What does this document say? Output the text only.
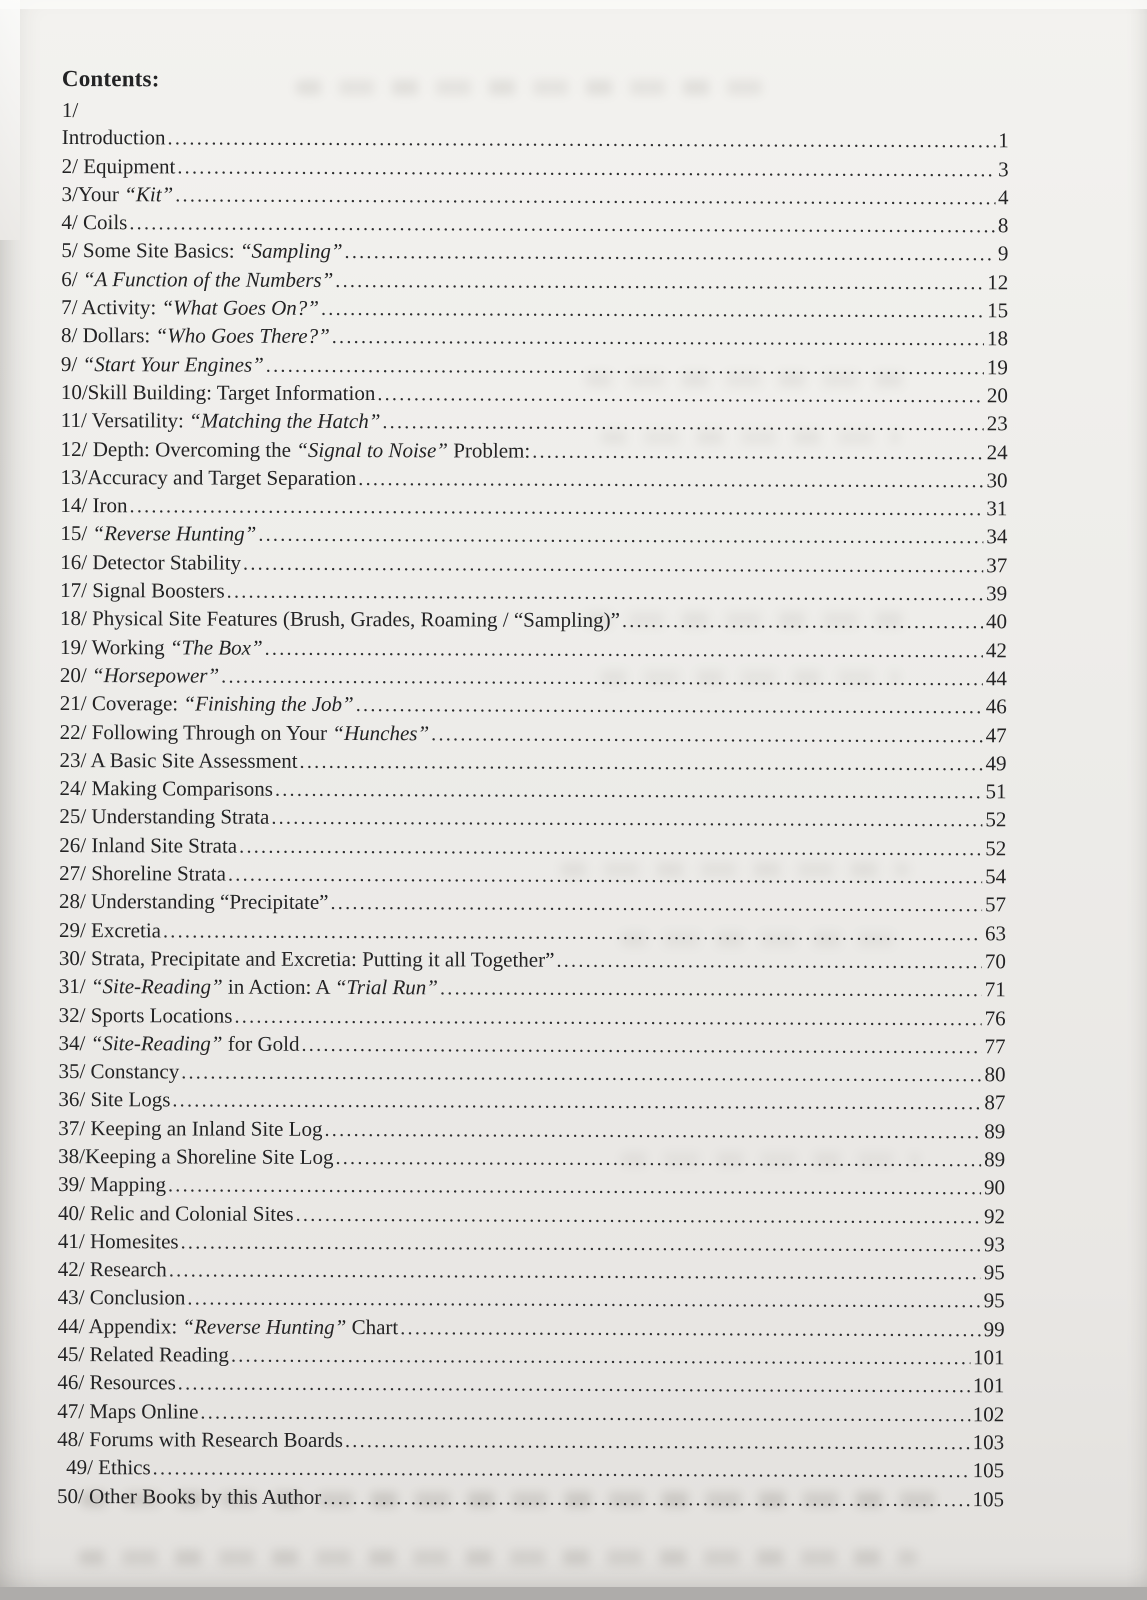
Contents:
1/
Introduction .....	1
2/ Equipment .....	3
3/Your “Kit” .....	4
4/ Coils .....	8
5/ Some Site Basics: “Sampling” .....	9
6/ “A Function of the Numbers” .....	12
7/ Activity: “What Goes On?” .....	15
8/ Dollars: “Who Goes There?” .....	18
9/ “Start Your Engines” .....	19
10/Skill Building: Target Information .....	20
11/ Versatility: “Matching the Hatch” .....	23
12/ Depth: Overcoming the “Signal to Noise” Problem: .....	24
13/Accuracy and Target Separation .....	30
14/ Iron .....	31
15/ “Reverse Hunting” .....	34
16/ Detector Stability .....	37
17/ Signal Boosters .....	39
18/ Physical Site Features (Brush, Grades, Roaming / “Sampling)” .....	40
19/ Working “The Box” .....	42
20/ “Horsepower” .....	44
21/ Coverage: “Finishing the Job” .....	46
22/ Following Through on Your “Hunches” .....	47
23/ A Basic Site Assessment .....	49
24/ Making Comparisons .....	51
25/ Understanding Strata .....	52
26/ Inland Site Strata .....	52
27/ Shoreline Strata .....	54
28/ Understanding “Precipitate” .....	57
29/ Excretia .....	63
30/ Strata, Precipitate and Excretia: Putting it all Together” .....	70
31/ “Site-Reading” in Action: A “Trial Run” .....	71
32/ Sports Locations .....	76
34/ “Site-Reading” for Gold .....	77
35/ Constancy .....	80
36/ Site Logs .....	87
37/ Keeping an Inland Site Log .....	89
38/Keeping a Shoreline Site Log .....	89
39/ Mapping .....	90
40/ Relic and Colonial Sites .....	92
41/ Homesites .....	93
42/ Research .....	95
43/ Conclusion .....	95
44/ Appendix: “Reverse Hunting” Chart .....	99
45/ Related Reading .....	101
46/ Resources .....	101
47/ Maps Online .....	102
48/ Forums with Research Boards .....	103
49/ Ethics .....	105
50/ Other Books by this Author .....	105
